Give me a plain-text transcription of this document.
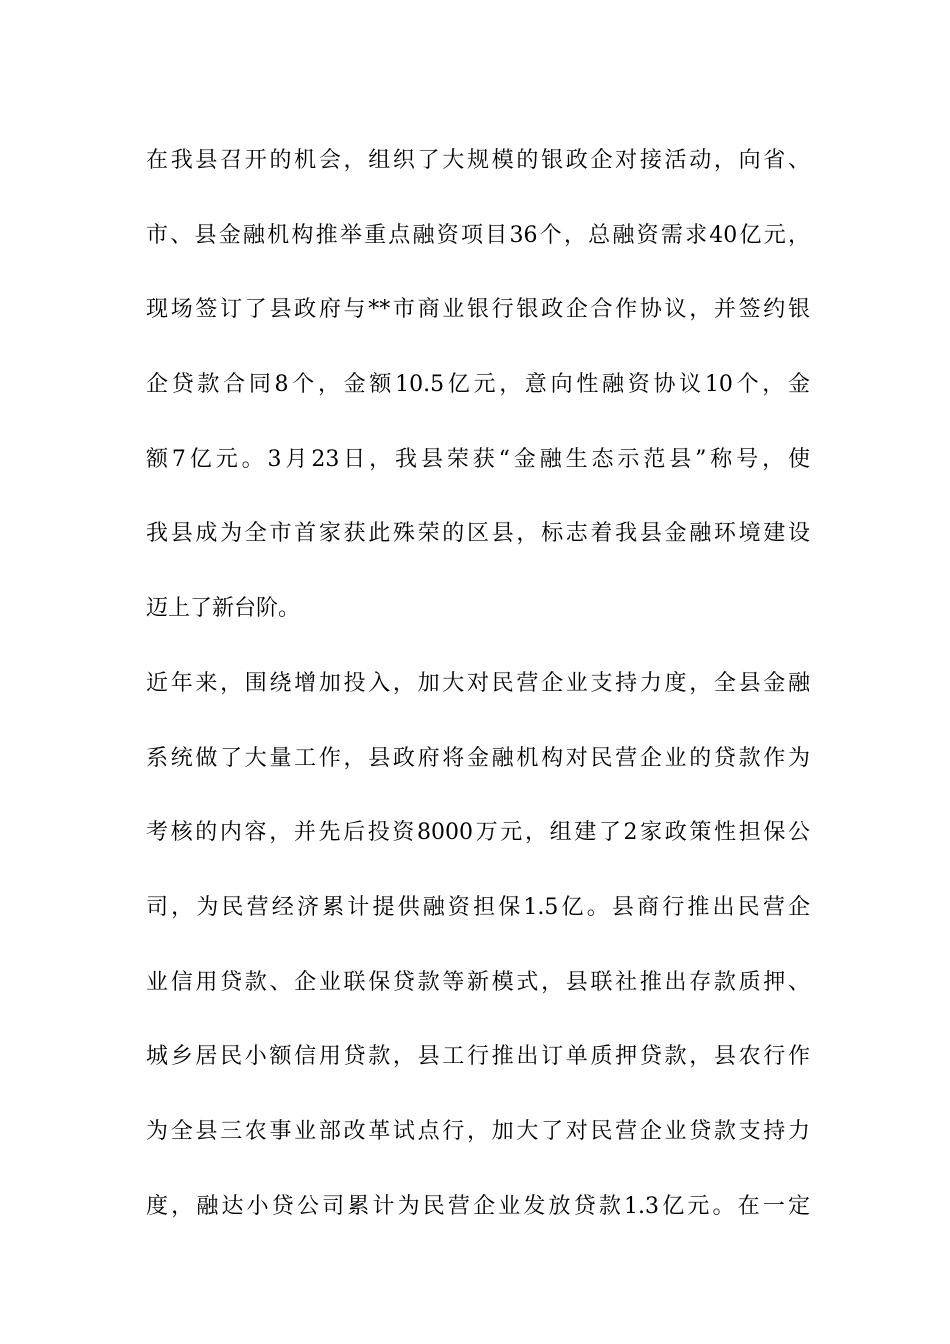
在我县召开的机会，组织了大规模的银政企对接活动，向省、
市、县金融机构推举重点融资项目36个，总融资需求40亿元，
现场签订了县政府与**市商业银行银政企合作协议，并签约银
企贷款合同8个，金额10.5亿元，意向性融资协议10个，金
额7亿元。3月23日，我县荣获“金融生态示范县”称号，使
我县成为全市首家获此殊荣的区县，标志着我县金融环境建设
迈上了新台阶。
近年来，围绕增加投入，加大对民营企业支持力度，全县金融
系统做了大量工作，县政府将金融机构对民营企业的贷款作为
考核的内容，并先后投资8000万元，组建了2家政策性担保公
司，为民营经济累计提供融资担保1.5亿。县商行推出民营企
业信用贷款、企业联保贷款等新模式，县联社推出存款质押、
城乡居民小额信用贷款，县工行推出订单质押贷款，县农行作
为全县三农事业部改革试点行，加大了对民营企业贷款支持力
度，融达小贷公司累计为民营企业发放贷款1.3亿元。在一定
